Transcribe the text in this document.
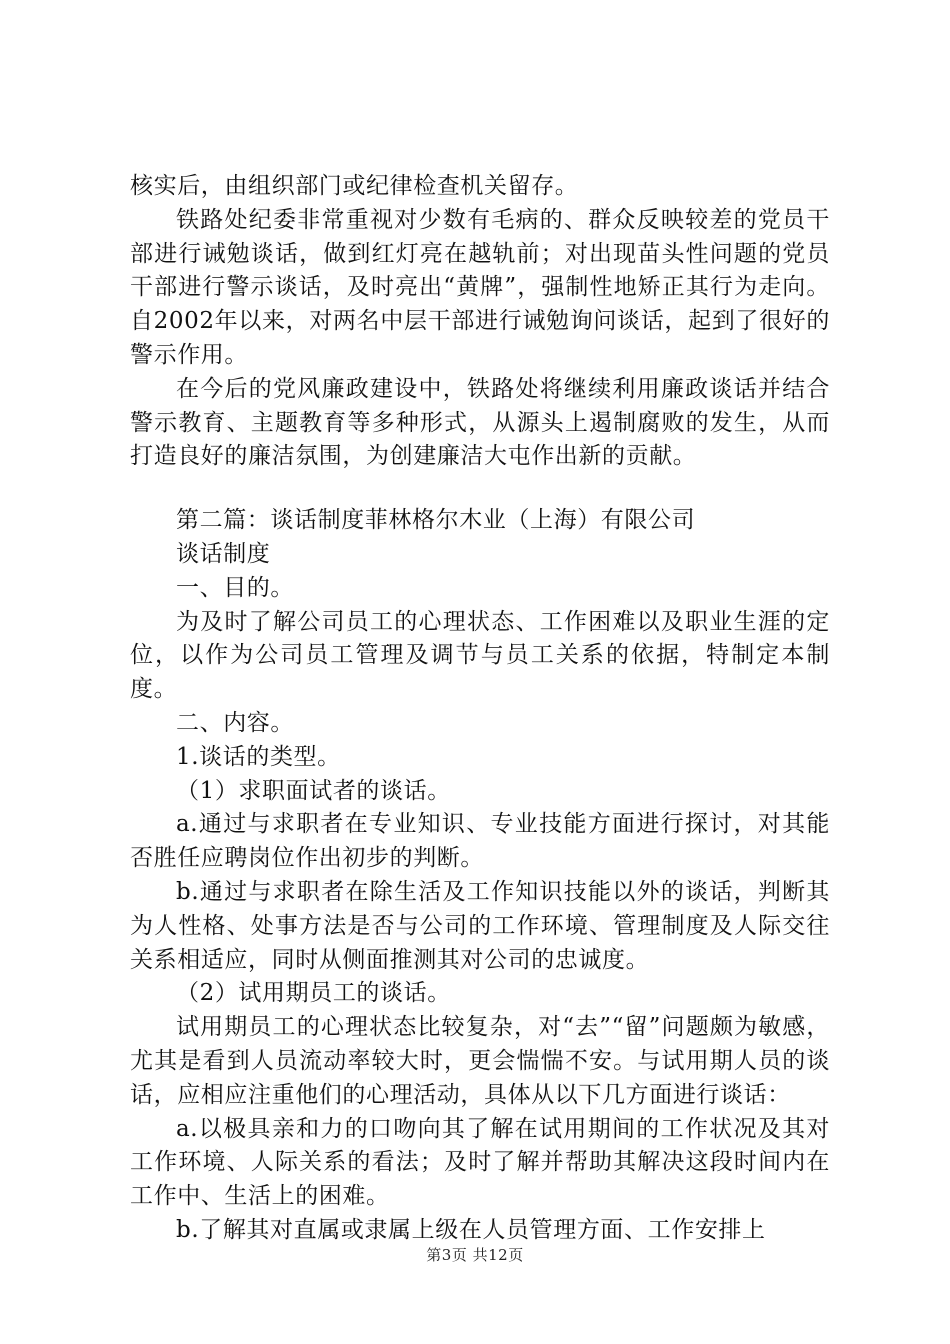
核实后，由组织部门或纪律检查机关留存。

铁路处纪委非常重视对少数有毛病的、群众反映较差的党员干部进行诫勉谈话，做到红灯亮在越轨前；对出现苗头性问题的党员干部进行警示谈话，及时亮出“黄牌”，强制性地矫正其行为走向。自2002年以来，对两名中层干部进行诫勉询问谈话，起到了很好的警示作用。

在今后的党风廉政建设中，铁路处将继续利用廉政谈话并结合警示教育、主题教育等多种形式，从源头上遏制腐败的发生，从而打造良好的廉洁氛围，为创建廉洁大屯作出新的贡献。

第二篇：谈话制度菲林格尔木业（上海）有限公司

谈话制度

一、目的。

为及时了解公司员工的心理状态、工作困难以及职业生涯的定位，以作为公司员工管理及调节与员工关系的依据，特制定本制度。

二、内容。

1.谈话的类型。

（1）求职面试者的谈话。

a.通过与求职者在专业知识、专业技能方面进行探讨，对其能否胜任应聘岗位作出初步的判断。

b.通过与求职者在除生活及工作知识技能以外的谈话，判断其为人性格、处事方法是否与公司的工作环境、管理制度及人际交往关系相适应，同时从侧面推测其对公司的忠诚度。

（2）试用期员工的谈话。

试用期员工的心理状态比较复杂，对“去”“留”问题颇为敏感，尤其是看到人员流动率较大时，更会惴惴不安。与试用期人员的谈话，应相应注重他们的心理活动，具体从以下几方面进行谈话：

a.以极具亲和力的口吻向其了解在试用期间的工作状况及其对工作环境、人际关系的看法；及时了解并帮助其解决这段时间内在工作中、生活上的困难。

b.了解其对直属或隶属上级在人员管理方面、工作安排上

第3页 共12页
